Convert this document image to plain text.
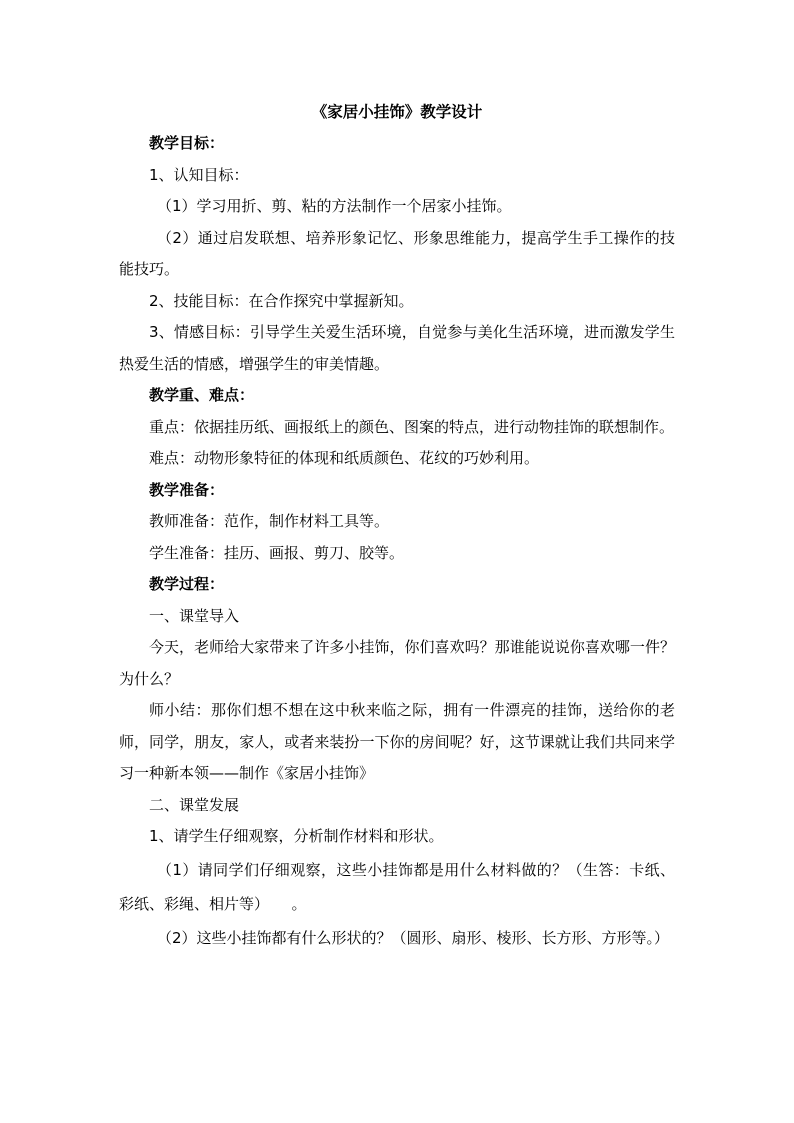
《家居小挂饰》教学设计

教学目标：

1、认知目标：

（1）学习用折、剪、粘的方法制作一个居家小挂饰。

（2）通过启发联想、培养形象记忆、形象思维能力，提高学生手工操作的技能技巧。

2、技能目标：在合作探究中掌握新知。

3、情感目标：引导学生关爱生活环境，自觉参与美化生活环境，进而激发学生热爱生活的情感，增强学生的审美情趣。

教学重、难点：

重点：依据挂历纸、画报纸上的颜色、图案的特点，进行动物挂饰的联想制作。

难点：动物形象特征的体现和纸质颜色、花纹的巧妙利用。

教学准备：

教师准备：范作，制作材料工具等。

学生准备：挂历、画报、剪刀、胶等。

教学过程：

一、课堂导入

今天，老师给大家带来了许多小挂饰，你们喜欢吗？那谁能说说你喜欢哪一件？为什么？

师小结：那你们想不想在这中秋来临之际，拥有一件漂亮的挂饰，送给你的老师，同学，朋友，家人，或者来装扮一下你的房间呢？好，这节课就让我们共同来学习一种新本领——制作《家居小挂饰》

二、课堂发展

1、请学生仔细观察，分析制作材料和形状。

（1）请同学们仔细观察，这些小挂饰都是用什么材料做的？（生答：卡纸、彩纸、彩绳、相片等）　　。

（2）这些小挂饰都有什么形状的？（圆形、扇形、棱形、长方形、方形等。）
